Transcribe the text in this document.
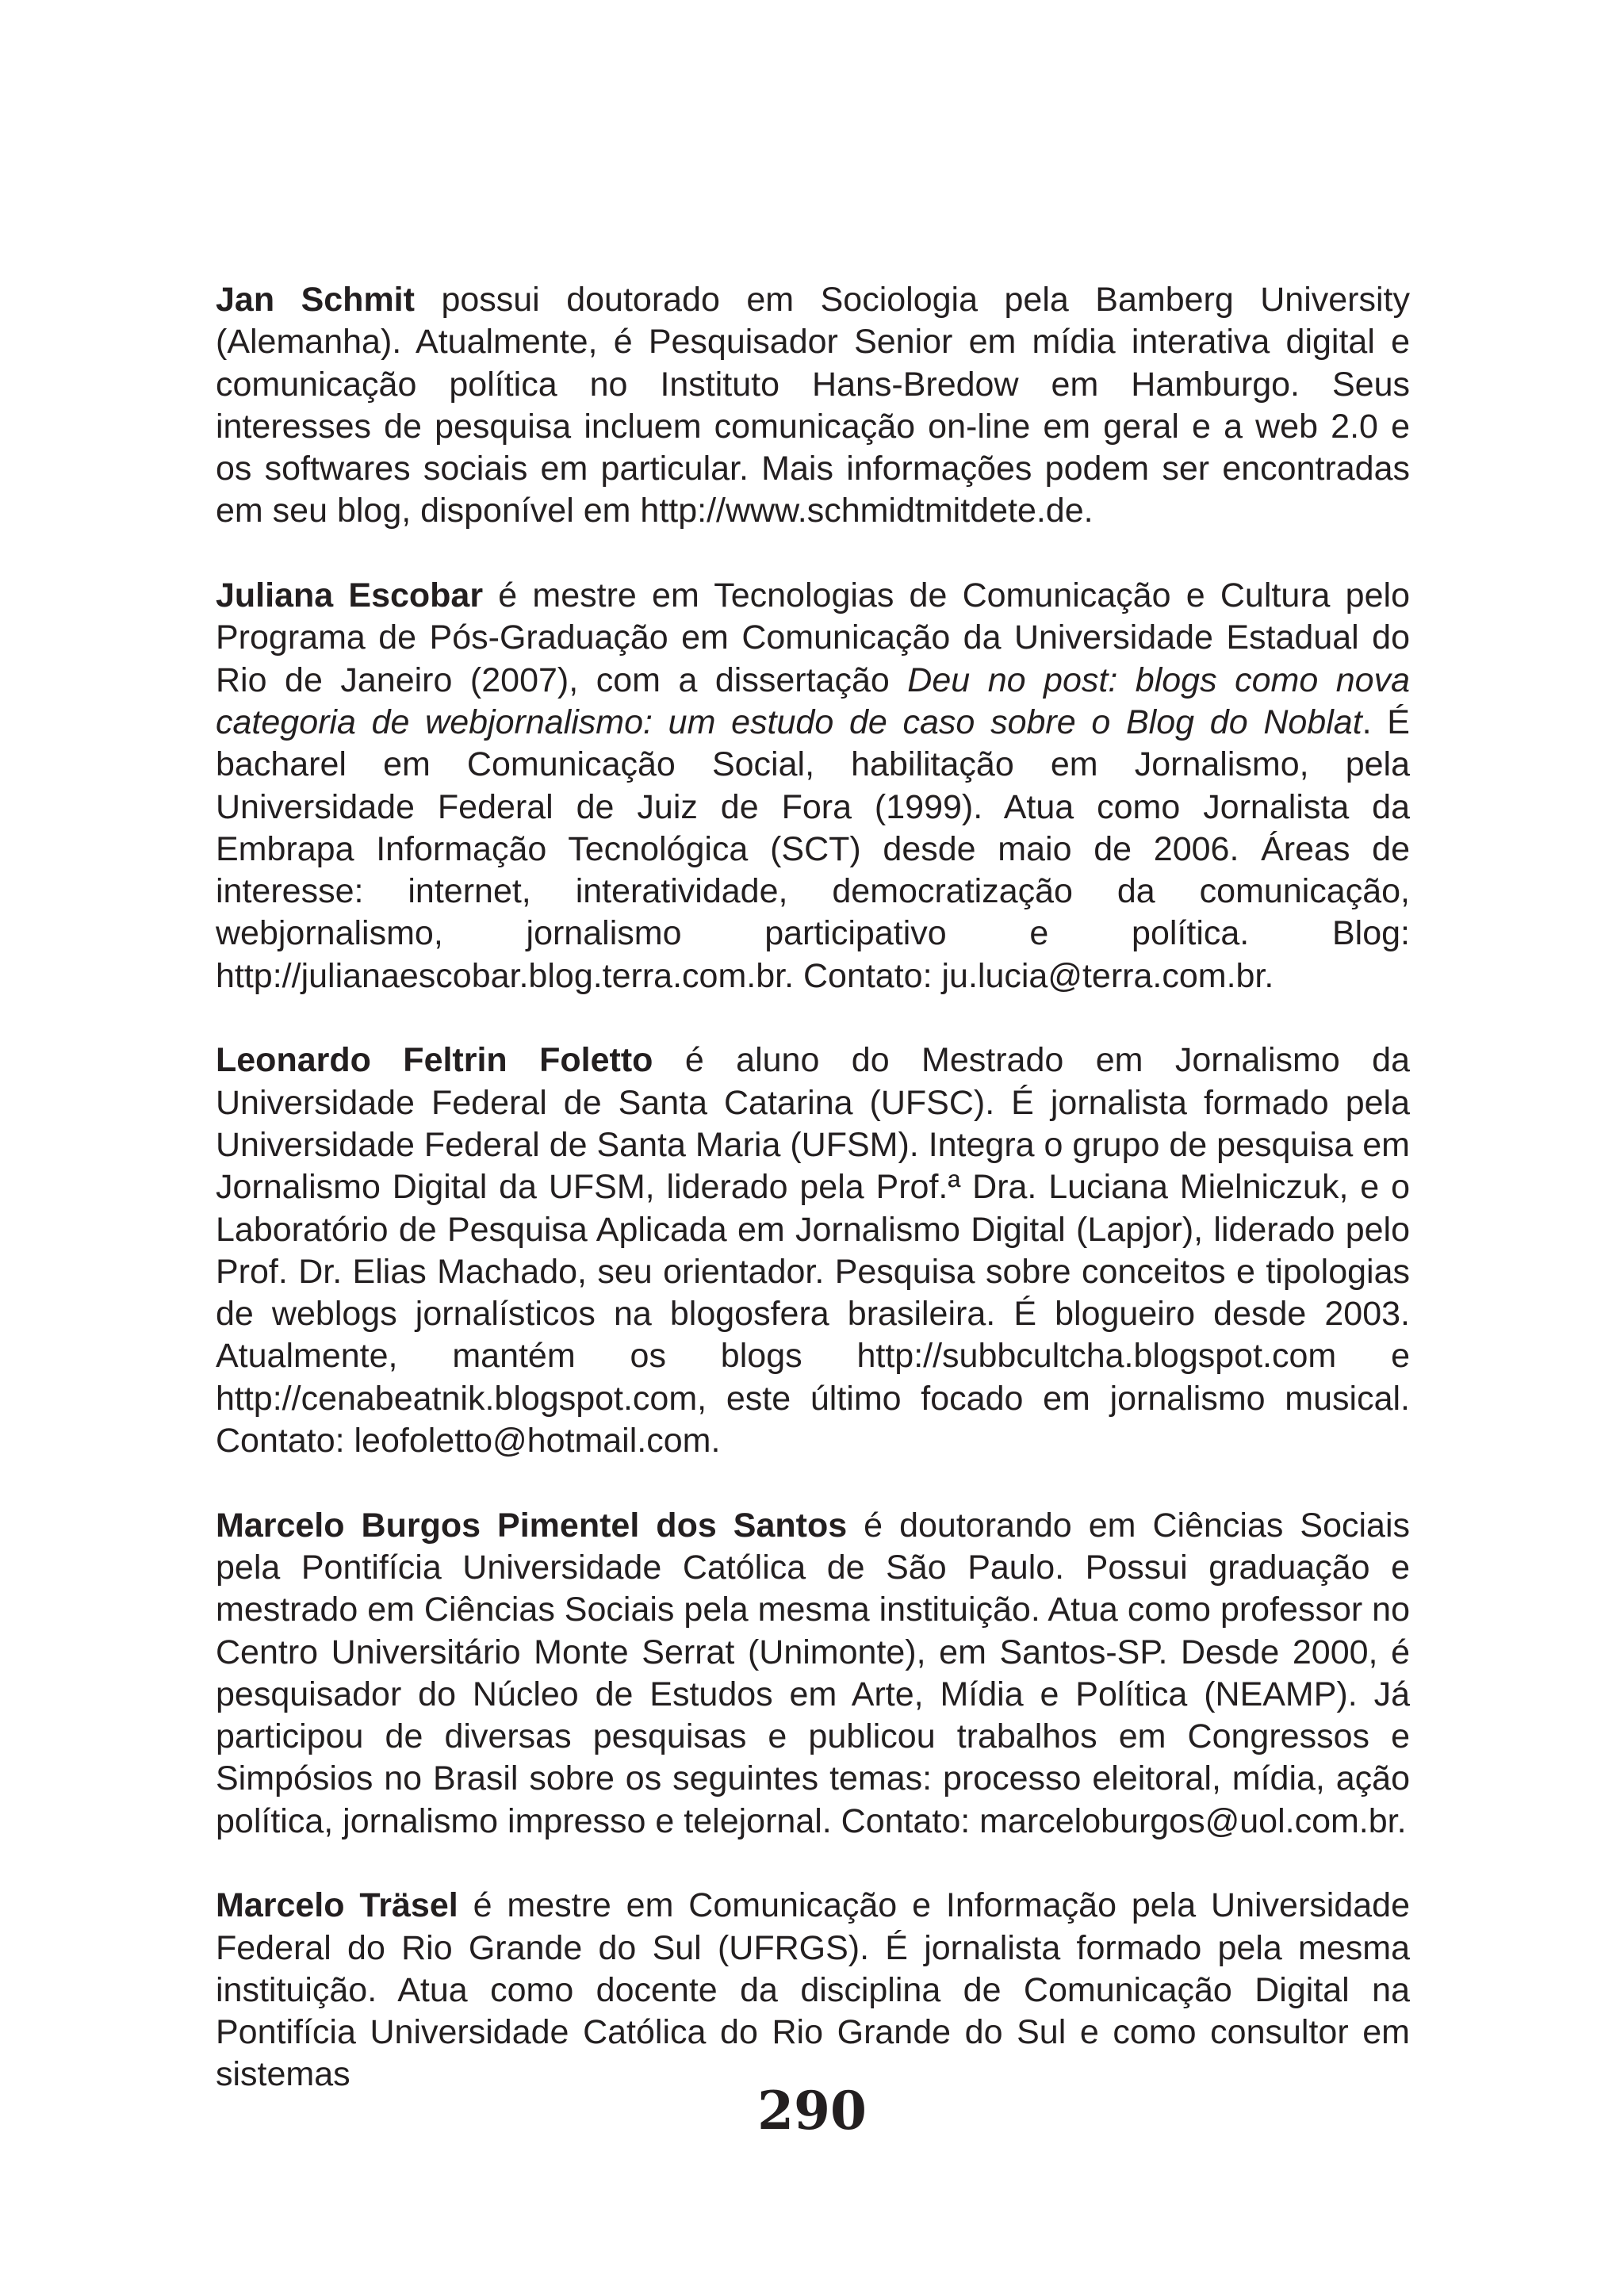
Jan Schmit possui doutorado em Sociologia pela Bamberg University (Alemanha). Atualmente, é Pesquisador Senior em mídia interativa digital e comunicação política no Instituto Hans-Bredow em Hamburgo. Seus interesses de pesquisa incluem comunicação on-line em geral e a web 2.0 e os softwares sociais em particular. Mais informações podem ser encontradas em seu blog, disponível em http://www.schmidtmitdete.de.

Juliana Escobar é mestre em Tecnologias de Comunicação e Cultura pelo Programa de Pós-Graduação em Comunicação da Universidade Estadual do Rio de Janeiro (2007), com a dissertação Deu no post: blogs como nova categoria de webjornalismo: um estudo de caso sobre o Blog do Noblat. É bacharel em Comunicação Social, habilitação em Jornalismo, pela Universidade Federal de Juiz de Fora (1999). Atua como Jornalista da Embrapa Informação Tecnológica (SCT) desde maio de 2006. Áreas de interesse: internet, interatividade, democratização da comunicação, webjornalismo, jornalismo participativo e política. Blog: http://julianaescobar.blog.terra.com.br. Contato: ju.lucia@terra.com.br.

Leonardo Feltrin Foletto é aluno do Mestrado em Jornalismo da Universidade Federal de Santa Catarina (UFSC). É jornalista formado pela Universidade Federal de Santa Maria (UFSM). Integra o grupo de pesquisa em Jornalismo Digital da UFSM, liderado pela Prof.ª Dra. Luciana Mielniczuk, e o Laboratório de Pesquisa Aplicada em Jornalismo Digital (Lapjor), liderado pelo Prof. Dr. Elias Machado, seu orientador. Pesquisa sobre conceitos e tipologias de weblogs jornalísticos na blogosfera brasileira. É blogueiro desde 2003. Atualmente, mantém os blogs http://subbcultcha.blogspot.com e http://cenabeatnik.blogspot.com, este último focado em jornalismo musical. Contato: leofoletto@hotmail.com.

Marcelo Burgos Pimentel dos Santos é doutorando em Ciências Sociais pela Pontifícia Universidade Católica de São Paulo. Possui graduação e mestrado em Ciências Sociais pela mesma instituição. Atua como professor no Centro Universitário Monte Serrat (Unimonte), em Santos-SP. Desde 2000, é pesquisador do Núcleo de Estudos em Arte, Mídia e Política (NEAMP). Já participou de diversas pesquisas e publicou trabalhos em Congressos e Simpósios no Brasil sobre os seguintes temas: processo eleitoral, mídia, ação política, jornalismo impresso e telejornal. Contato: marceloburgos@uol.com.br.

Marcelo Träsel é mestre em Comunicação e Informação pela Universidade Federal do Rio Grande do Sul (UFRGS). É jornalista formado pela mesma instituição. Atua como docente da disciplina de Comunicação Digital na Pontifícia Universidade Católica do Rio Grande do Sul e como consultor em sistemas

290
